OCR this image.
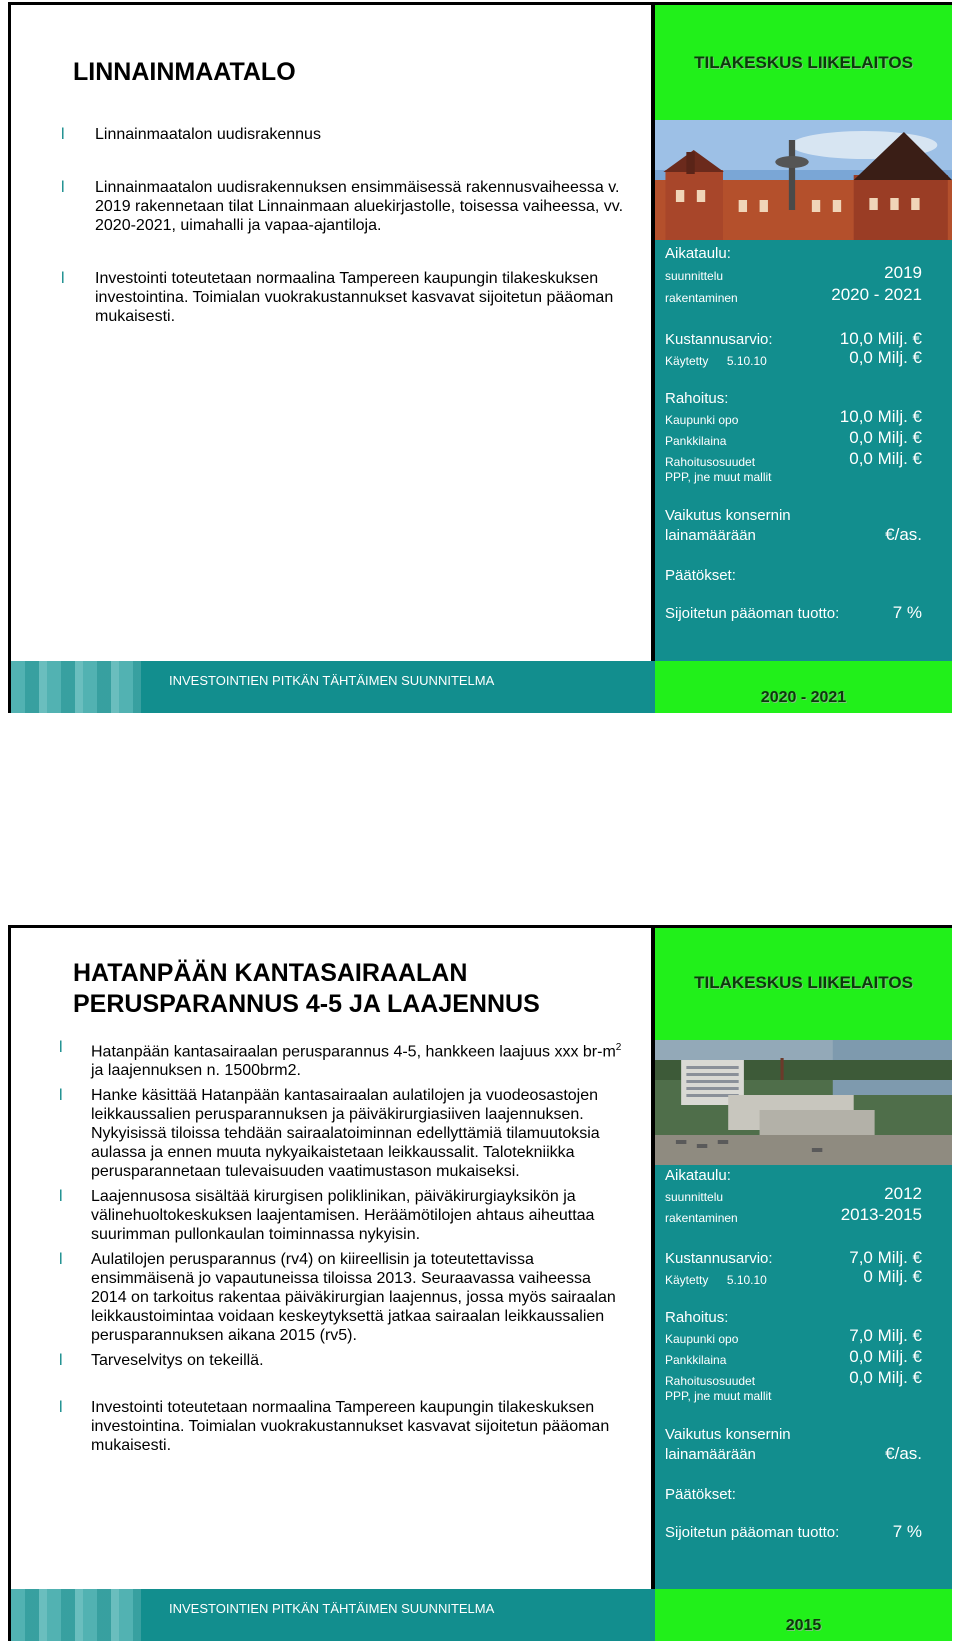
LINNAINMAATALO
l Linnainmaatalon uudisrakennus
l Linnainmaatalon uudisrakennuksen ensimmäisessä rakennusvaiheessa v. 2019 rakennetaan tilat Linnainmaan aluekirjastolle, toisessa vaiheessa, vv. 2020-2021, uimahalli ja vapaa-ajantiloja.
l Investointi toteutetaan normaalina Tampereen kaupungin tilakeskuksen investointina. Toimialan vuokrakustannukset kasvavat sijoitetun pääoman mukaisesti.
TILAKESKUS LIIKELAITOS
Aikataulu:
suunnittelu	2019
rakentaminen	2020 - 2021
Kustannusarvio:	10,0 Milj. €
Käytetty 5.10.10	0,0 Milj. €
Rahoitus:
Kaupunki opo	10,0 Milj. €
Pankkilaina	0,0 Milj. €
Rahoitusosuudet	0,0 Milj. €
PPP, jne muut mallit
Vaikutus konsernin
lainamäärään	€/as.
Päätökset:
Sijoitetun pääoman tuotto:	7 %
INVESTOINTIEN PITKÄN TÄHTÄIMEN SUUNNITELMA
2020 - 2021
HATANPÄÄN KANTASAIRAALAN
PERUSPARANNUS 4-5 JA LAAJENNUS
l Hatanpään kantasairaalan perusparannus 4-5, hankkeen laajuus xxx $br-m^2$ ja laajennuksen n. 1500brm2.
l Hanke käsittää Hatanpään kantasairaalan aulatilojen ja vuodeosastojen leikkaussalien perusparannuksen ja päiväkirurgiasiiven laajennuksen. Nykyisissä tiloissa tehdään sairaalatoiminnan edellyttämiä tilamuutoksia aulassa ja ennen muuta nykyaikaistetaan leikkaussalit. Talotekniikka perusparannetaan tulevaisuuden vaatimustason mukaiseksi.
l Laajennusosa sisältää kirurgisen poliklinikan, päiväkirurgiayksikön ja välinehuoltokeskuksen laajentamisen. Heräämötilojen ahtaus aiheuttaa suurimman pullonkaulan toiminnassa nykyisin.
l Aulatilojen perusparannus (rv4) on kiireellisin ja toteutettavissa ensimmäisenä jo vapautuneissa tiloissa 2013. Seuraavassa vaiheessa 2014 on tarkoitus rakentaa päiväkirurgian laajennus, jossa myös sairaalan leikkaustoimintaa voidaan keskeytyksettä jatkaa sairaalan leikkaussalien perusparannuksen aikana 2015 (rv5).
l Tarveselvitys on tekeillä.
l Investointi toteutetaan normaalina Tampereen kaupungin tilakeskuksen investointina. Toimialan vuokrakustannukset kasvavat sijoitetun pääoman mukaisesti.
TILAKESKUS LIIKELAITOS
Aikataulu:
suunnittelu	2012
rakentaminen	2013-2015
Kustannusarvio:	7,0 Milj. €
Käytetty 5.10.10	0 Milj. €
Rahoitus:
Kaupunki opo	7,0 Milj. €
Pankkilaina	0,0 Milj. €
Rahoitusosuudet	0,0 Milj. €
PPP, jne muut mallit
Vaikutus konsernin
lainamäärään	€/as.
Päätökset:
Sijoitetun pääoman tuotto:	7 %
INVESTOINTIEN PITKÄN TÄHTÄIMEN SUUNNITELMA
2015
